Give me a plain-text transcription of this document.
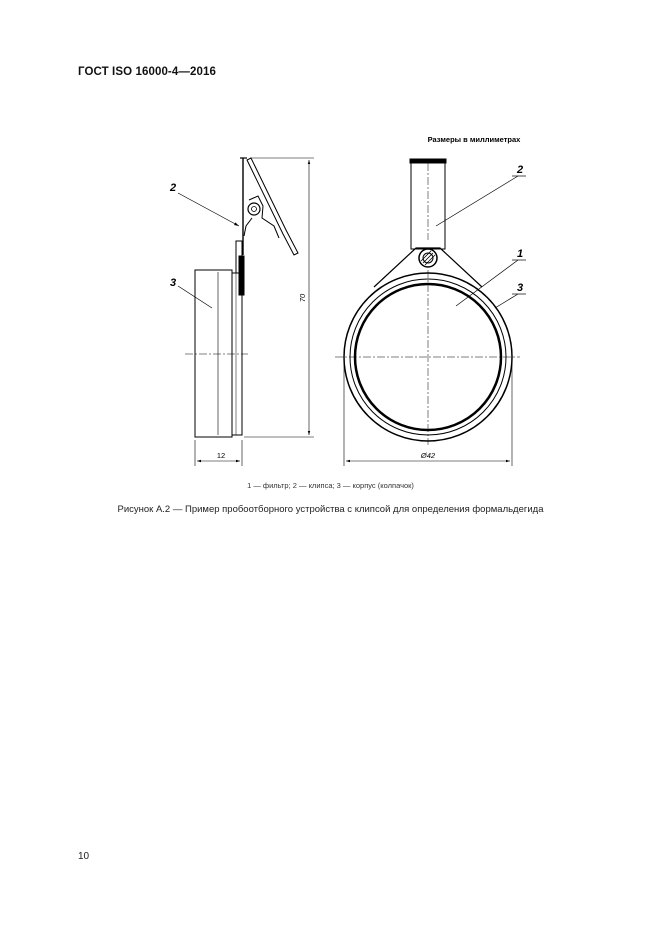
ГОСТ ISO 16000-4—2016
Размеры в миллиметрах
2
3
70
12
2
1
3
Ø42
1 — фильтр; 2 — клипса; 3 — корпус (колпачок)
Рисунок А.2 — Пример пробоотборного устройства с клипсой для определения формальдегида
10
